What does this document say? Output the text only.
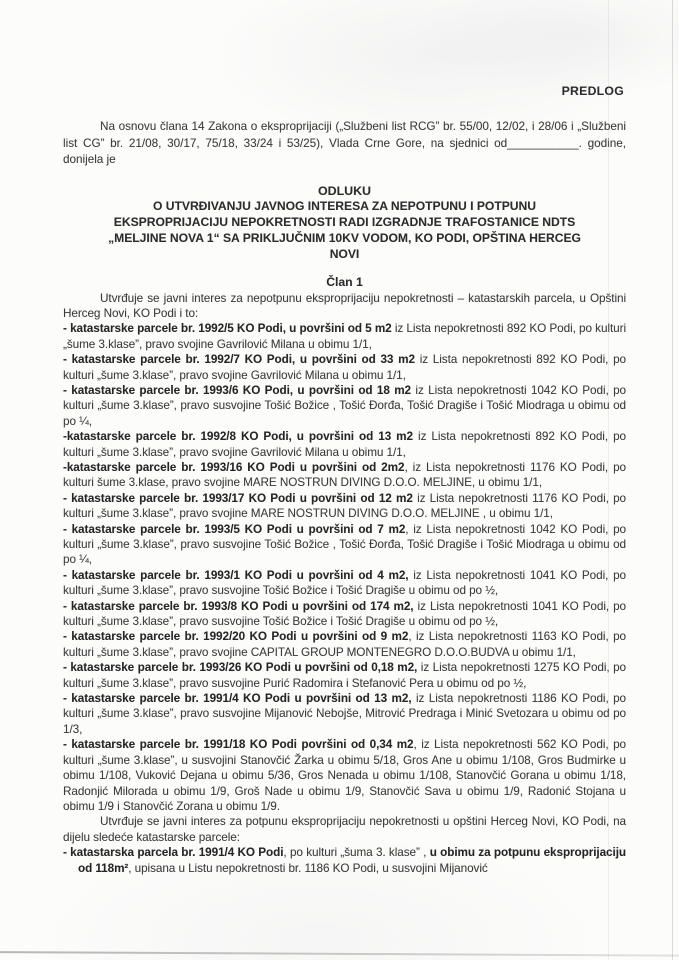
PREDLOG

Na osnovu člana 14 Zakona o eksproprijaciji („Službeni list RCG” br. 55/00, 12/02, i 28/06 i „Službeni list CG” br. 21/08, 30/17, 75/18, 33/24 i 53/25), Vlada Crne Gore, na sjednici od___________. godine, donijela je

ODLUKU
O UTVRĐIVANJU JAVNOG INTERESA ZA NEPOTPUNU I POTPUNU EKSPROPRIJACIJU NEPOKRETNOSTI RADI IZGRADNJE TRAFOSTANICE NDTS „MELJINE NOVA 1“ SA PRIKLJUČNIM 10KV VODOM, KO PODI, OPŠTINA HERCEG NOVI
Član 1

Utvrđuje se javni interes za nepotpunu eksproprijaciju nepokretnosti – katastarskih parcela, u Opštini Herceg Novi, KO Podi i to:

- katastarske parcele br. 1992/5 KO Podi, u površini od 5 m2 iz Lista nepokretnosti 892 KO Podi, po kulturi „šume 3.klase”, pravo svojine Gavrilović Milana u obimu 1/1,
- katastarske parcele br. 1992/7 KO Podi, u površini od 33 m2 iz Lista nepokretnosti 892 KO Podi, po kulturi „šume 3.klase”, pravo svojine Gavrilović Milana u obimu 1/1,
- katastarske parcele br. 1993/6 KO Podi, u površini od 18 m2 iz Lista nepokretnosti 1042 KO Podi, po kulturi „šume 3.klase”, pravo susvojine Tošić Božice , Tošić Đorđa, Tošić Dragiše i Tošić Miodraga u obimu od po ¼,
-katastarske parcele br. 1992/8 KO Podi, u površini od 13 m2 iz Lista nepokretnosti 892 KO Podi, po kulturi „šume 3.klase”, pravo svojine Gavrilović Milana u obimu 1/1,
-katastarske parcele br. 1993/16 KO Podi u površini od 2m2, iz Lista nepokretnosti 1176 KO Podi, po kulturi šume 3.klase, pravo svojine MARE NOSTRUN DIVING D.O.O. MELJINE, u obimu 1/1,
- katastarske parcele br. 1993/17 KO Podi u površini od 12 m2 iz Lista nepokretnosti 1176 KO Podi, po kulturi „šume 3.klase”, pravo svojine MARE NOSTRUN DIVING D.O.O. MELJINE , u obimu 1/1,
- katastarske parcele br. 1993/5 KO Podi u površini od 7 m2, iz Lista nepokretnosti 1042 KO Podi, po kulturi „šume 3.klase”, pravo susvojine Tošić Božice , Tošić Đorđa, Tošić Dragiše i Tošić Miodraga u obimu od po ¼,
- katastarske parcele br. 1993/1 KO Podi u površini od 4 m2, iz Lista nepokretnosti 1041 KO Podi, po kulturi „šume 3.klase”, pravo susvojine Tošić Božice i Tošić Dragiše u obimu od po ½,
- katastarske parcele br. 1993/8 KO Podi u površini od 174 m2, iz Lista nepokretnosti 1041 KO Podi, po kulturi „šume 3.klase”, pravo susvojine Tošić Božice i Tošić Dragiše u obimu od po ½,
- katastarske parcele br. 1992/20 KO Podi u površini od 9 m2, iz Lista nepokretnosti 1163 KO Podi, po kulturi „šume 3.klase”, pravo svojine CAPITAL GROUP MONTENEGRO D.O.O.BUDVA u obimu 1/1,
- katastarske parcele br. 1993/26 KO Podi u površini od 0,18 m2, iz Lista nepokretnosti 1275 KO Podi, po kulturi „šume 3.klase”, pravo susvojine Purić Radomira i Stefanović Pera u obimu od po ½,
- katastarske parcele br. 1991/4 KO Podi u površini od 13 m2, iz Lista nepokretnosti 1186 KO Podi, po kulturi „šume 3.klase”, pravo susvojine Mijanović Nebojše, Mitrović Predraga i Minić Svetozara u obimu od po 1/3,
- katastarske parcele br. 1991/18 KO Podi površini od 0,34 m2, iz Lista nepokretnosti 562 KO Podi, po kulturi „šume 3.klase”, u susvojini Stanovčić Žarka u obimu 5/18, Gros Ane u obimu 1/108, Gros Budmirke u obimu 1/108, Vuković Dejana u obimu 5/36, Gros Nenada u obimu 1/108, Stanovčić Gorana u obimu 1/18, Radonjić Milorada u obimu 1/9, Groš Nade u obimu 1/9, Stanovčić Sava u obimu 1/9, Radonić Stojana u obimu 1/9 i Stanovčić Zorana u obimu 1/9.

Utvrđuje se javni interes za potpunu eksproprijaciju nepokretnosti u opštini Herceg Novi, KO Podi, na dijelu sledeće katastarske parcele:

- katastarska parcela br. 1991/4 KO Podi, po kulturi „šuma 3. klase” , u obimu za potpunu eksproprijaciju od 118m², upisana u Listu nepokretnosti br. 1186 KO Podi, u susvojini Mijanović
